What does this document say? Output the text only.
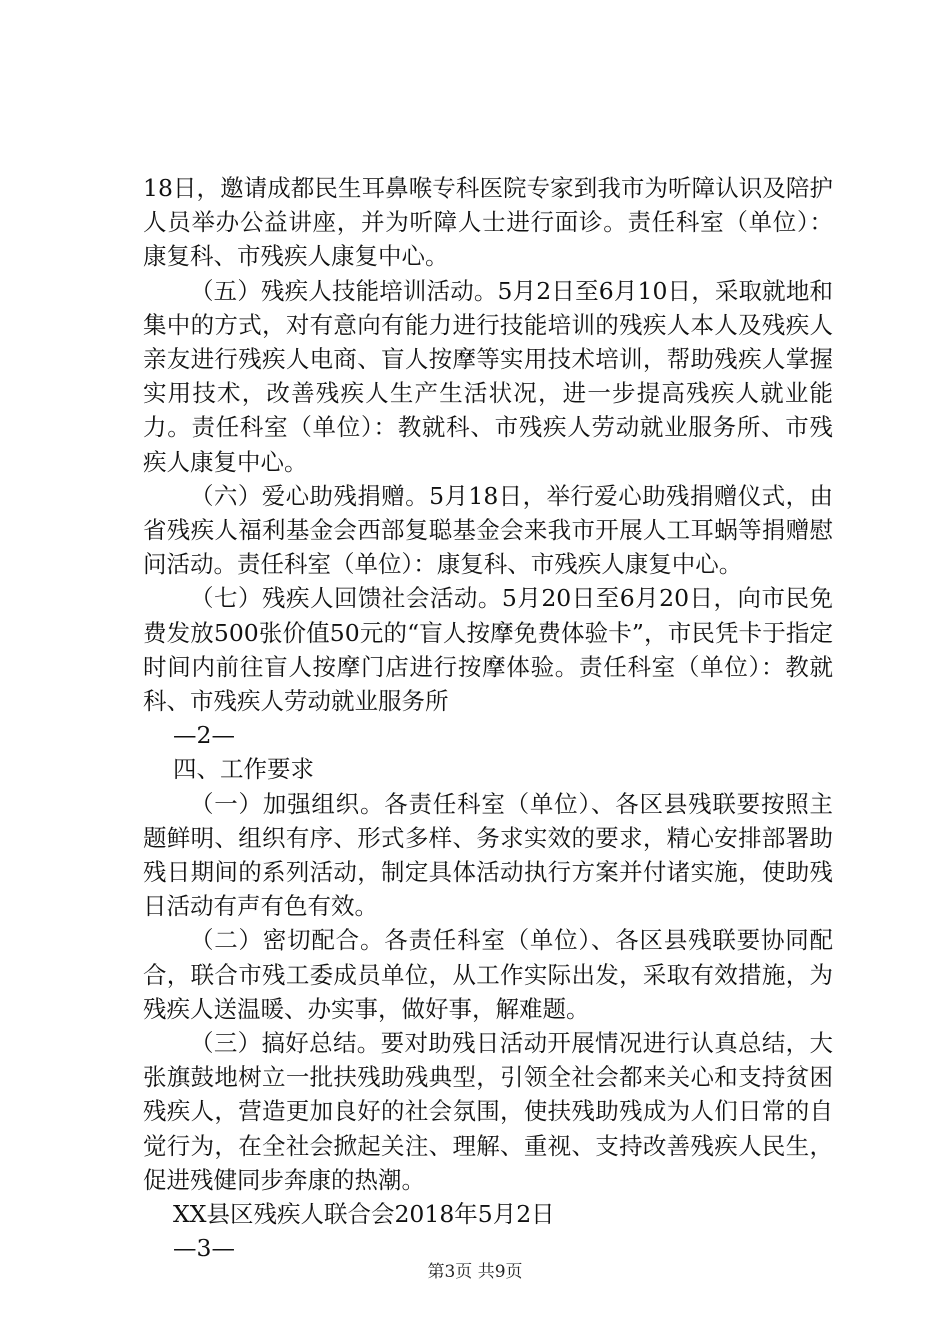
18日，邀请成都民生耳鼻喉专科医院专家到我市为听障认识及陪护人员举办公益讲座，并为听障人士进行面诊。责任科室（单位）：康复科、市残疾人康复中心。

（五）残疾人技能培训活动。5月2日至6月10日，采取就地和集中的方式，对有意向有能力进行技能培训的残疾人本人及残疾人亲友进行残疾人电商、盲人按摩等实用技术培训，帮助残疾人掌握实用技术，改善残疾人生产生活状况，进一步提高残疾人就业能力。责任科室（单位）：教就科、市残疾人劳动就业服务所、市残疾人康复中心。

（六）爱心助残捐赠。5月18日，举行爱心助残捐赠仪式，由省残疾人福利基金会西部复聪基金会来我市开展人工耳蜗等捐赠慰问活动。责任科室（单位）：康复科、市残疾人康复中心。

（七）残疾人回馈社会活动。5月20日至6月20日，向市民免费发放500张价值50元的“盲人按摩免费体验卡”，市民凭卡于指定时间内前往盲人按摩门店进行按摩体验。责任科室（单位）：教就科、市残疾人劳动就业服务所

—2—

四、工作要求

（一）加强组织。各责任科室（单位）、各区县残联要按照主题鲜明、组织有序、形式多样、务求实效的要求，精心安排部署助残日期间的系列活动，制定具体活动执行方案并付诸实施，使助残日活动有声有色有效。

（二）密切配合。各责任科室（单位）、各区县残联要协同配合，联合市残工委成员单位，从工作实际出发，采取有效措施，为残疾人送温暖、办实事，做好事，解难题。

（三）搞好总结。要对助残日活动开展情况进行认真总结，大张旗鼓地树立一批扶残助残典型，引领全社会都来关心和支持贫困残疾人，营造更加良好的社会氛围，使扶残助残成为人们日常的自觉行为，在全社会掀起关注、理解、重视、支持改善残疾人民生，促进残健同步奔康的热潮。

XX县区残疾人联合会2018年5月2日

—3—

第3页 共9页
